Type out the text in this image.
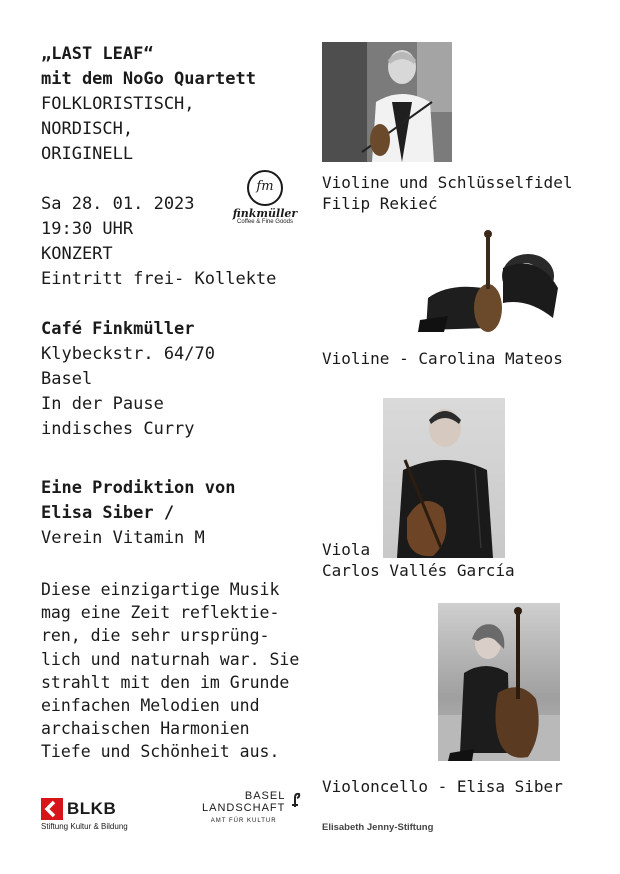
„LAST LEAF“
mit dem NoGo Quartett
FOLKLORISTISCH,
NORDISCH,
ORIGINELL
Sa 28. 01. 2023
19:30 UHR
KONZERT
Eintritt frei- Kollekte
fm
finkmüller
Coffee & Fine Goods
Café Finkmüller
Klybeckstr. 64/70
Basel
In der Pause
indisches Curry
Eine Prodiktion von
Elisa Siber /
Verein Vitamin M
Diese einzigartige Musik
mag eine Zeit reflektie-
ren, die sehr ursprüng-
lich und naturnah war. Sie
strahlt mit den im Grunde
einfachen Melodien und
archaischen Harmonien
Tiefe und Schönheit aus.
Violine und Schlüsselfidel
Filip Rekieć
Violine - Carolina Mateos
Viola
Carlos Vallés García
Violoncello - Elisa Siber
BLKB
Stiftung Kultur & Bildung
BASEL
LANDSCHAFT
AMT FÜR KULTUR
Elisabeth Jenny-Stiftung
